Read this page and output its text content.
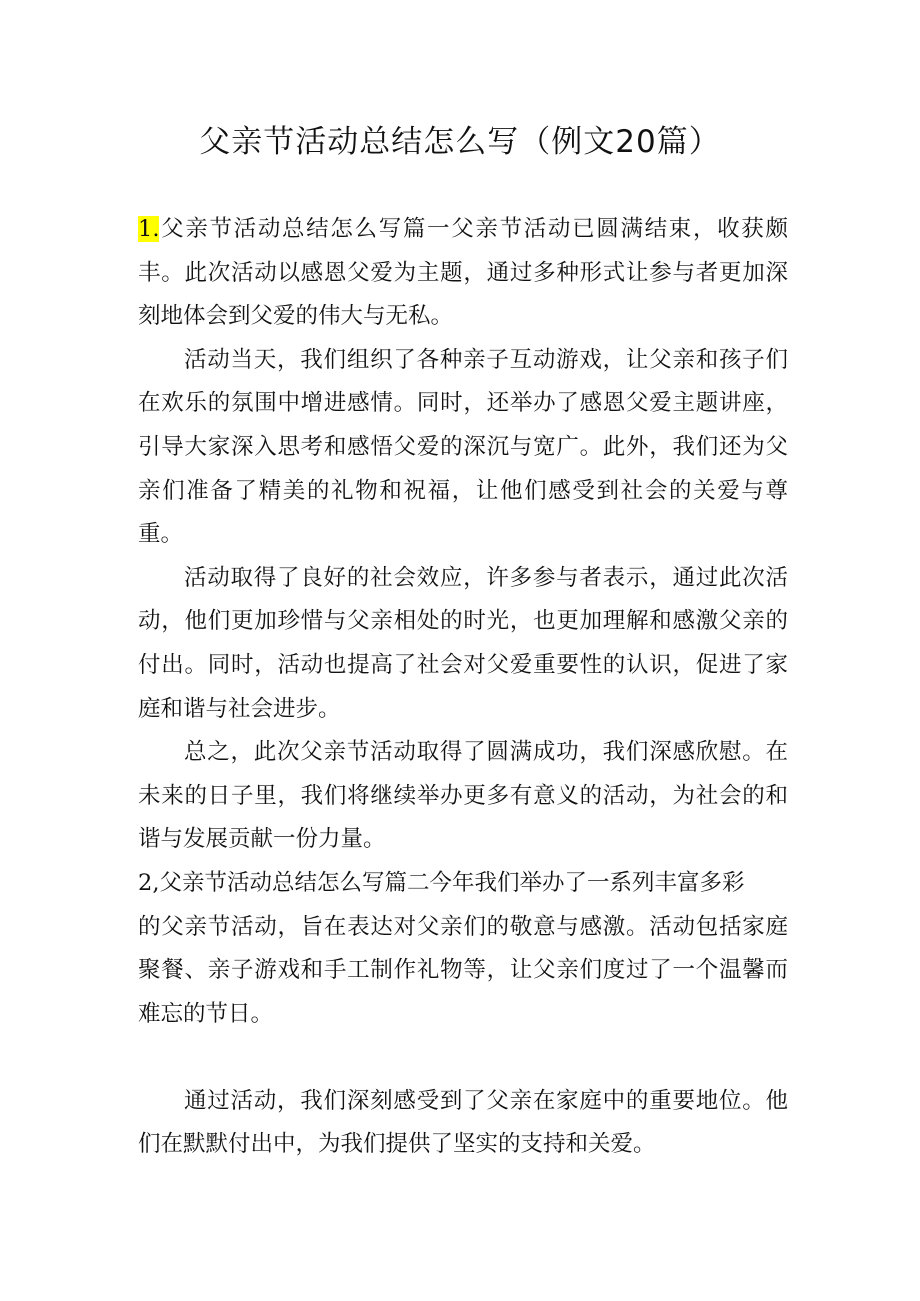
父亲节活动总结怎么写（例文20篇）

1.父亲节活动总结怎么写篇一父亲节活动已圆满结束，收获颇丰。此次活动以感恩父爱为主题，通过多种形式让参与者更加深刻地体会到父爱的伟大与无私。

活动当天，我们组织了各种亲子互动游戏，让父亲和孩子们在欢乐的氛围中增进感情。同时，还举办了感恩父爱主题讲座，引导大家深入思考和感悟父爱的深沉与宽广。此外，我们还为父亲们准备了精美的礼物和祝福，让他们感受到社会的关爱与尊重。

活动取得了良好的社会效应，许多参与者表示，通过此次活动，他们更加珍惜与父亲相处的时光，也更加理解和感激父亲的付出。同时，活动也提高了社会对父爱重要性的认识，促进了家庭和谐与社会进步。

总之，此次父亲节活动取得了圆满成功，我们深感欣慰。在未来的日子里，我们将继续举办更多有意义的活动，为社会的和谐与发展贡献一份力量。

2,父亲节活动总结怎么写篇二今年我们举办了一系列丰富多彩

的父亲节活动，旨在表达对父亲们的敬意与感激。活动包括家庭聚餐、亲子游戏和手工制作礼物等，让父亲们度过了一个温馨而难忘的节日。

通过活动，我们深刻感受到了父亲在家庭中的重要地位。他们在默默付出中，为我们提供了坚实的支持和关爱。
